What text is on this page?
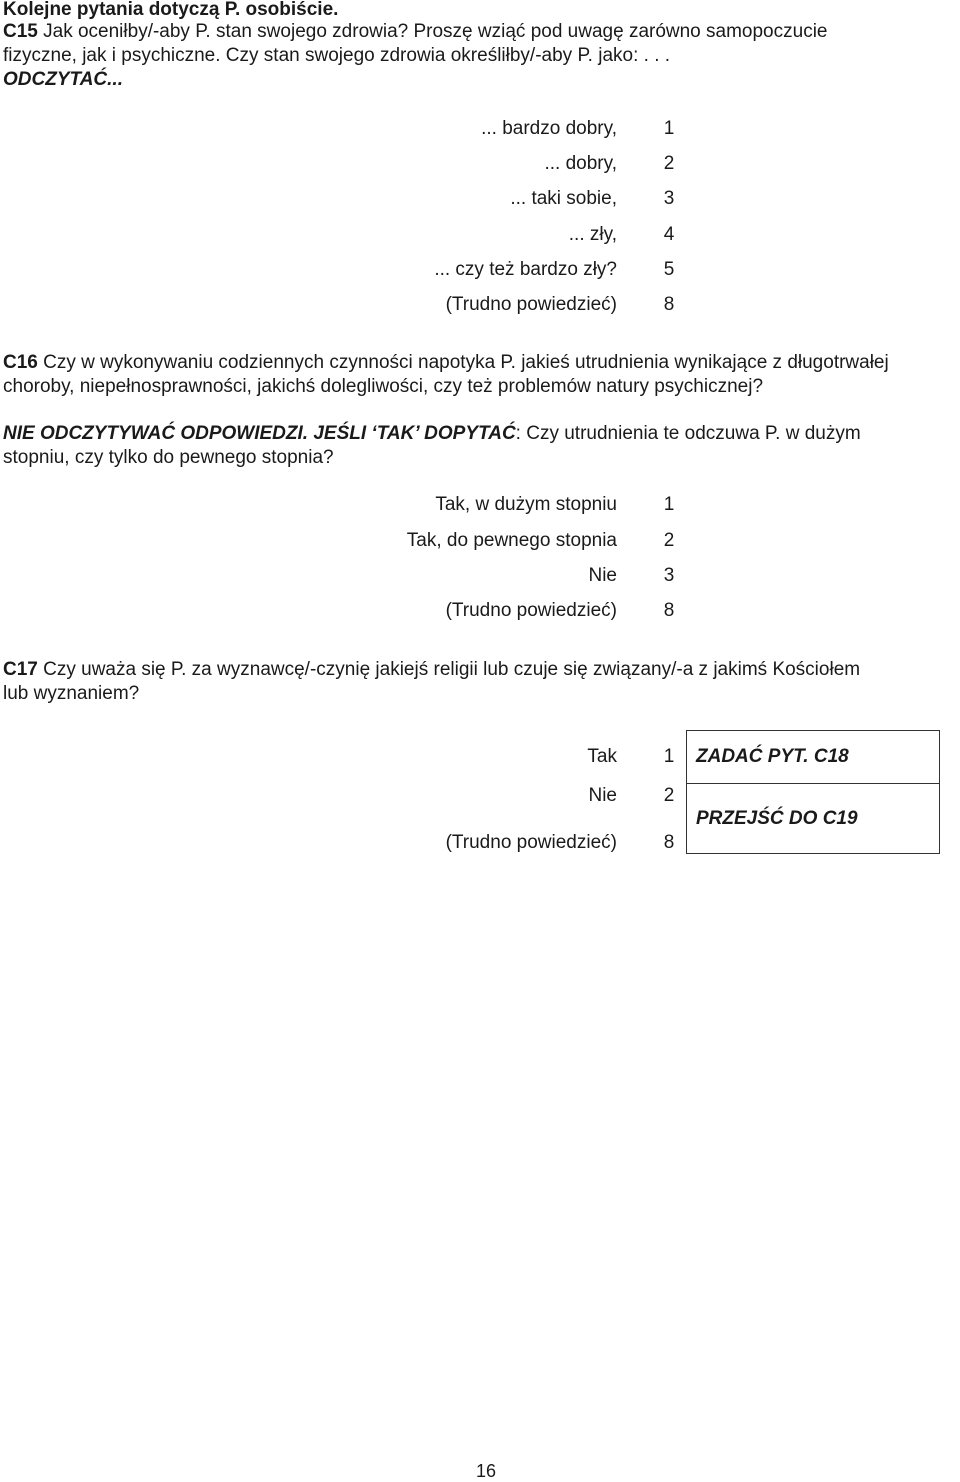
Kolejne pytania dotyczą P. osobiście.
C15 Jak oceniłby/-aby P. stan swojego zdrowia? Proszę wziąć pod uwagę zarówno samopoczucie
fizyczne, jak i psychiczne. Czy stan swojego zdrowia określiłby/-aby P. jako: . . .
ODCZYTAĆ...
... bardzo dobry, 1
... dobry, 2
... taki sobie, 3
... zły, 4
... czy też bardzo zły? 5
(Trudno powiedzieć) 8
C16 Czy w wykonywaniu codziennych czynności napotyka P. jakieś utrudnienia wynikające z długotrwałej
choroby, niepełnosprawności, jakichś dolegliwości, czy też problemów natury psychicznej?
NIE ODCZYTYWAĆ ODPOWIEDZI. JEŚLI ‘TAK’ DOPYTAĆ: Czy utrudnienia te odczuwa P. w dużym
stopniu, czy tylko do pewnego stopnia?
Tak, w dużym stopniu 1
Tak, do pewnego stopnia 2
Nie 3
(Trudno powiedzieć) 8
C17 Czy uważa się P. za wyznawcę/-czynię jakiejś religii lub czuje się związany/-a z jakimś Kościołem
lub wyznaniem?
Tak 1
Nie 2
(Trudno powiedzieć) 8
ZADAĆ PYT. C18
PRZEJŚĆ DO C19
16
